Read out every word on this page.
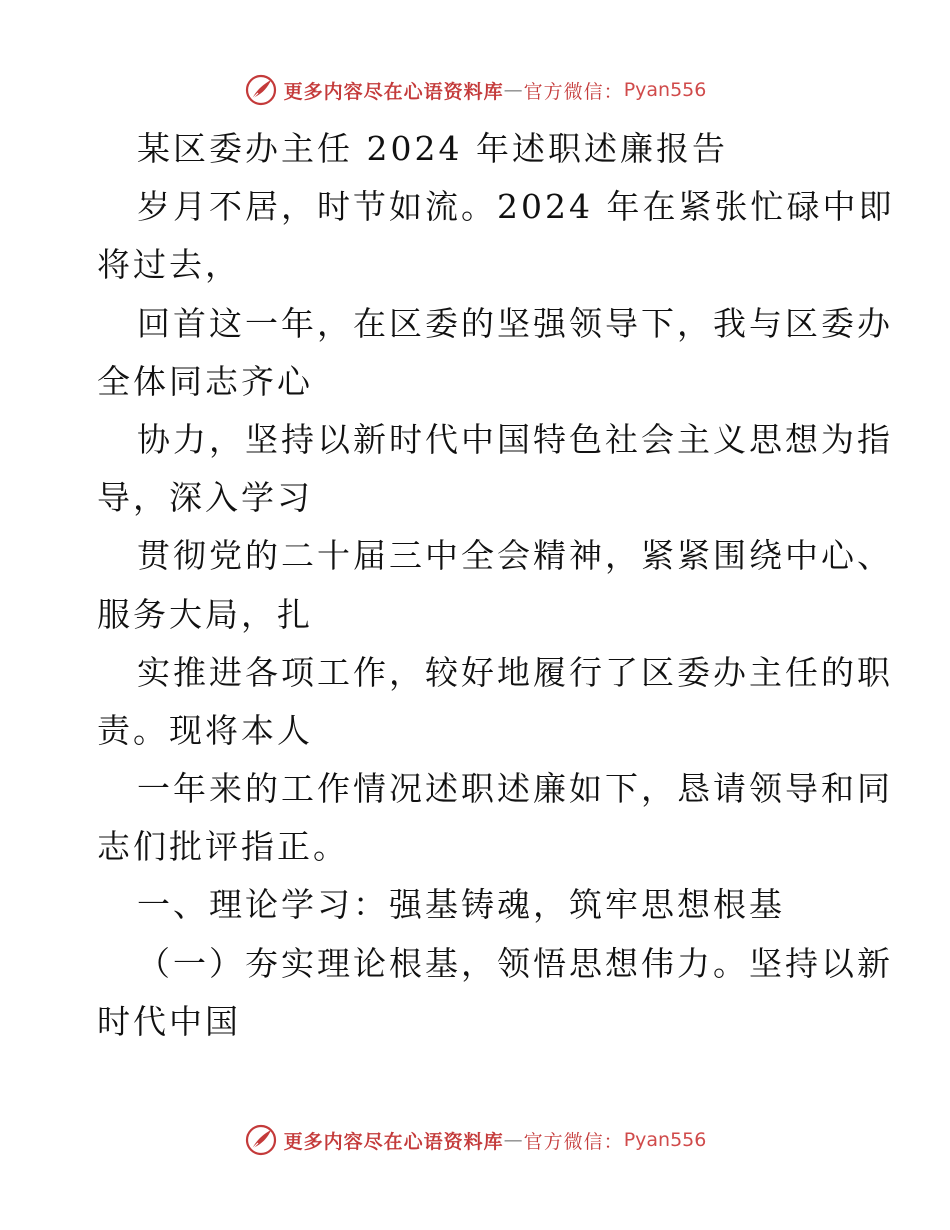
更多内容尽在心语资料库 — 官方微信： Pyan556
某区委办主任 2024 年述职述廉报告
岁月不居，时节如流。2024 年在紧张忙碌中即
将过去，
回首这一年，在区委的坚强领导下，我与区委办
全体同志齐心
协力，坚持以新时代中国特色社会主义思想为指
导，深入学习
贯彻党的二十届三中全会精神，紧紧围绕中心、
服务大局，扎
实推进各项工作，较好地履行了区委办主任的职
责。现将本人
一年来的工作情况述职述廉如下，恳请领导和同
志们批评指正。
一、理论学习：强基铸魂，筑牢思想根基
（一）夯实理论根基，领悟思想伟力。坚持以新
时代中国
更多内容尽在心语资料库 — 官方微信： Pyan556
